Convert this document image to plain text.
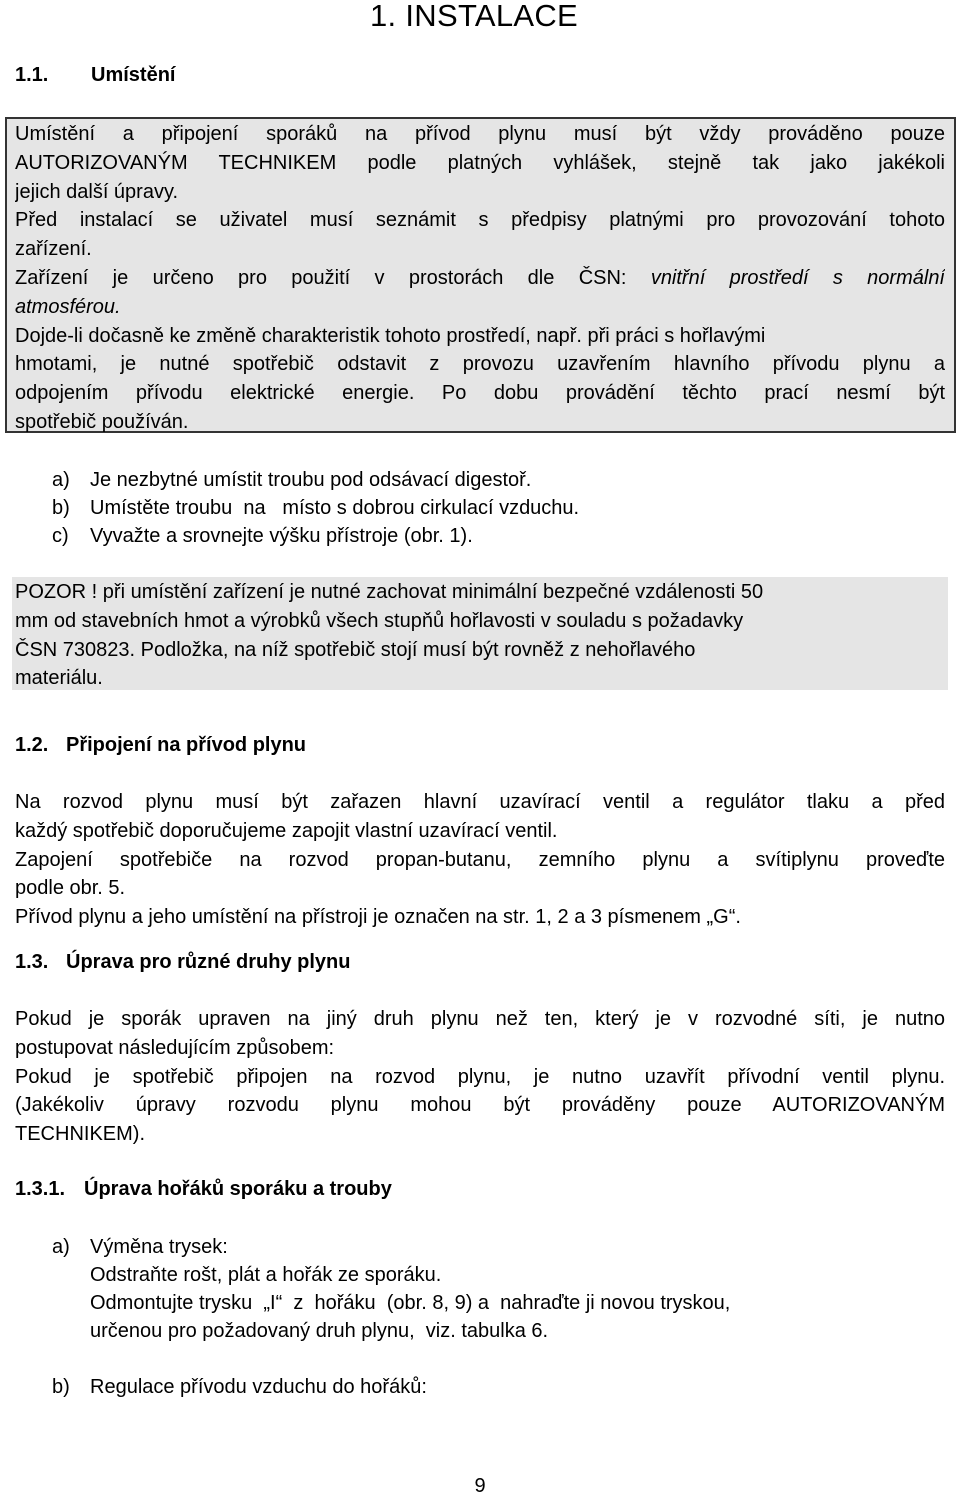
1. INSTALACE
1.1. Umístění
Umístění a připojení sporáků na přívod plynu musí být vždy prováděno pouze
AUTORIZOVANÝM TECHNIKEM podle platných vyhlášek, stejně tak jako jakékoli
jejich další úpravy.
Před instalací se uživatel musí seznámit s předpisy platnými pro provozování tohoto
zařízení.
Zařízení je určeno pro použití v prostorách dle ČSN: vnitřní prostředí s normální
atmosférou.
Dojde-li dočasně ke změně charakteristik tohoto prostředí, např. při práci s hořlavými
hmotami, je nutné spotřebič odstavit z provozu uzavřením hlavního přívodu plynu a
odpojením přívodu elektrické energie. Po dobu provádění těchto prací nesmí být
spotřebič používán.
a) Je nezbytné umístit troubu pod odsávací digestoř.
b) Umístěte troubu  na   místo s dobrou cirkulací vzduchu.
c) Vyvažte a srovnejte výšku přístroje (obr. 1).
POZOR ! při umístění zařízení je nutné zachovat minimální bezpečné vzdálenosti 50
mm od stavebních hmot a výrobků všech stupňů hořlavosti v souladu s požadavky
ČSN 730823. Podložka, na níž spotřebič stojí musí být rovněž z nehořlavého
materiálu.
1.2. Připojení na přívod plynu
Na rozvod plynu musí být zařazen hlavní uzavírací ventil a regulátor tlaku a před
každý spotřebič doporučujeme zapojit vlastní uzavírací ventil.
Zapojení spotřebiče na rozvod propan-butanu, zemního plynu a svítiplynu proveďte
podle obr. 5.
Přívod plynu a jeho umístění na přístroji je označen na str. 1, 2 a 3 písmenem „G“.
1.3. Úprava pro různé druhy plynu
Pokud je sporák upraven na jiný druh plynu než ten, který je v rozvodné síti, je nutno
postupovat následujícím způsobem:
Pokud je spotřebič připojen na rozvod plynu, je nutno uzavřít přívodní ventil plynu.
(Jakékoliv úpravy rozvodu plynu mohou být prováděny pouze AUTORIZOVANÝM
TECHNIKEM).
1.3.1. Úprava hořáků sporáku a trouby
a) Výměna trysek:
Odstraňte rošt, plát a hořák ze sporáku.
Odmontujte trysku  „I“  z  hořáku  (obr. 8, 9) a  nahraďte ji novou tryskou,
určenou pro požadovaný druh plynu,  viz. tabulka 6.
b) Regulace přívodu vzduchu do hořáků:
9
